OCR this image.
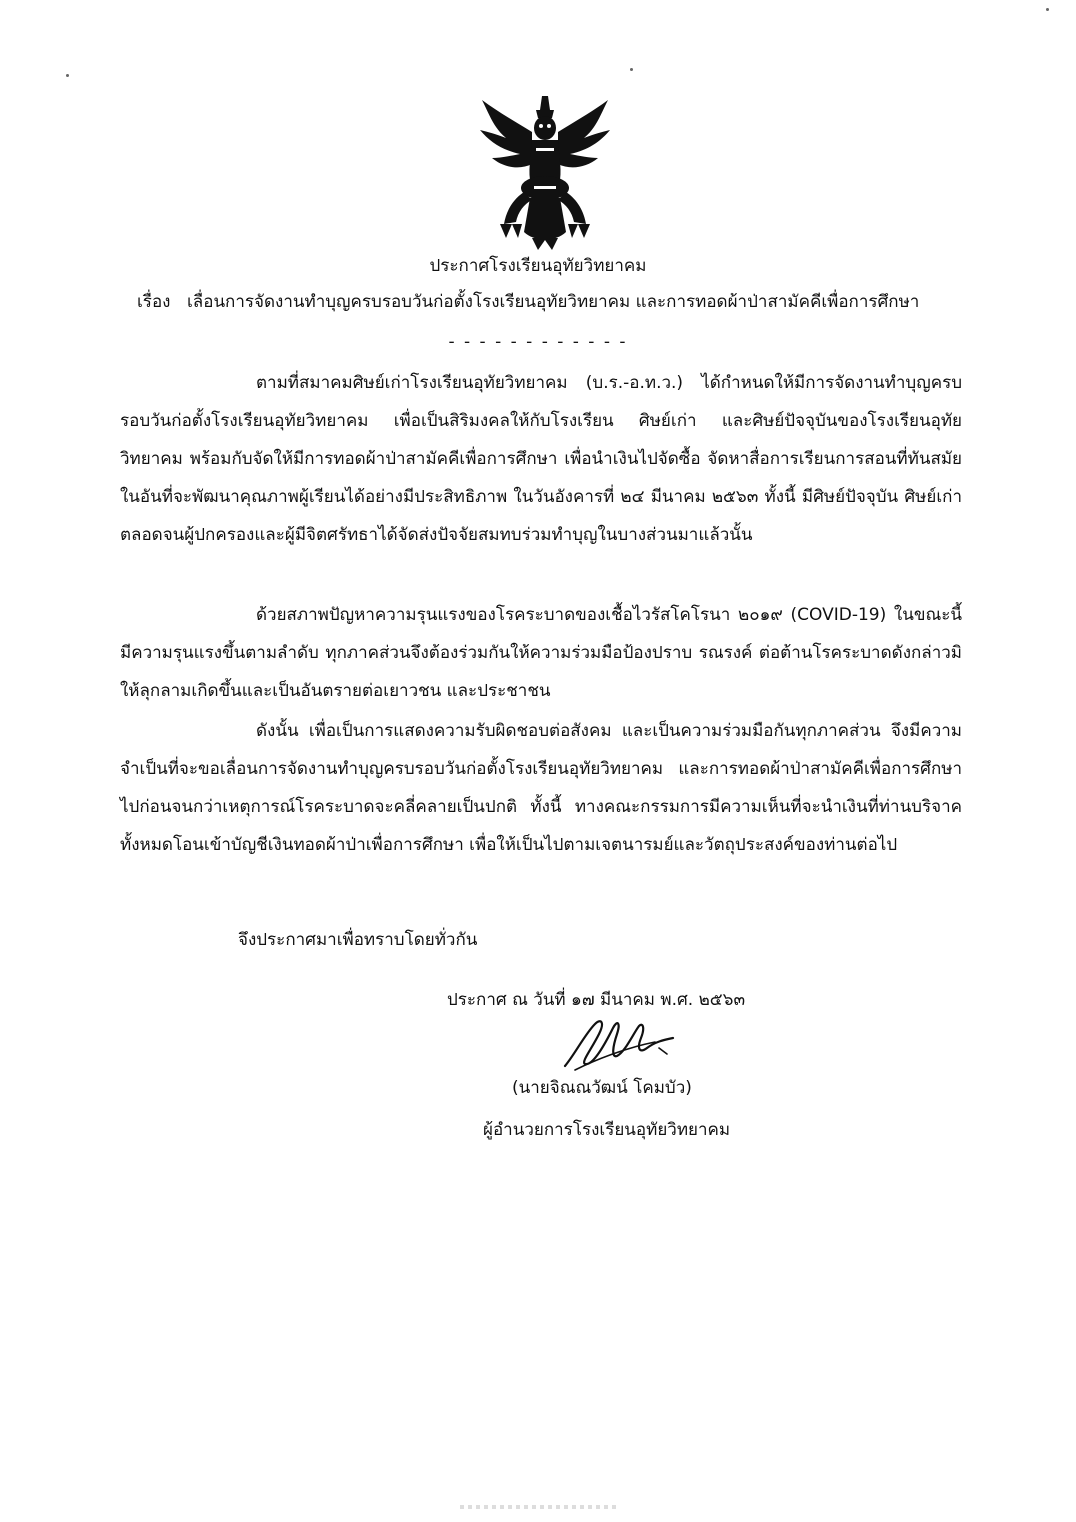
ประกาศโรงเรียนอุทัยวิทยาคม
เรื่อง เลื่อนการจัดงานทำบุญครบรอบวันก่อตั้งโรงเรียนอุทัยวิทยาคม และการทอดผ้าป่าสามัคคีเพื่อการศึกษา
- - - - - - - - - - - -
ตามที่สมาคมศิษย์เก่าโรงเรียนอุทัยวิทยาคม (บ.ร.-อ.ท.ว.) ได้กำหนดให้มีการจัดงานทำบุญครบรอบวันก่อตั้งโรงเรียนอุทัยวิทยาคม เพื่อเป็นสิริมงคลให้กับโรงเรียน ศิษย์เก่า และศิษย์ปัจจุบันของโรงเรียนอุทัยวิทยาคม พร้อมกับจัดให้มีการทอดผ้าป่าสามัคคีเพื่อการศึกษา เพื่อนำเงินไปจัดซื้อ จัดหาสื่อการเรียนการสอนที่ทันสมัย ในอันที่จะพัฒนาคุณภาพผู้เรียนได้อย่างมีประสิทธิภาพ ในวันอังคารที่ ๒๔ มีนาคม ๒๕๖๓ ทั้งนี้ มีศิษย์ปัจจุบัน ศิษย์เก่า ตลอดจนผู้ปกครองและผู้มีจิตศรัทธาได้จัดส่งปัจจัยสมทบร่วมทำบุญในบางส่วนมาแล้วนั้น
ด้วยสภาพปัญหาความรุนแรงของโรคระบาดของเชื้อไวรัสโคโรนา ๒๐๑๙ (COVID-19) ในขณะนี้มีความรุนแรงขึ้นตามลำดับ ทุกภาคส่วนจึงต้องร่วมกันให้ความร่วมมือป้องปราบ รณรงค์ ต่อต้านโรคระบาดดังกล่าวมิให้ลุกลามเกิดขึ้นและเป็นอันตรายต่อเยาวชน และประชาชน
ดังนั้น เพื่อเป็นการแสดงความรับผิดชอบต่อสังคม และเป็นความร่วมมือกันทุกภาคส่วน จึงมีความจำเป็นที่จะขอเลื่อนการจัดงานทำบุญครบรอบวันก่อตั้งโรงเรียนอุทัยวิทยาคม และการทอดผ้าป่าสามัคคีเพื่อการศึกษาไปก่อนจนกว่าเหตุการณ์โรคระบาดจะคลี่คลายเป็นปกติ ทั้งนี้ ทางคณะกรรมการมีความเห็นที่จะนำเงินที่ท่านบริจาคทั้งหมดโอนเข้าบัญชีเงินทอดผ้าป่าเพื่อการศึกษา เพื่อให้เป็นไปตามเจตนารมย์และวัตถุประสงค์ของท่านต่อไป
จึงประกาศมาเพื่อทราบโดยทั่วกัน
ประกาศ ณ วันที่ ๑๗ มีนาคม พ.ศ. ๒๕๖๓
(นายจิณณวัฒน์ โคมบัว)
ผู้อำนวยการโรงเรียนอุทัยวิทยาคม
